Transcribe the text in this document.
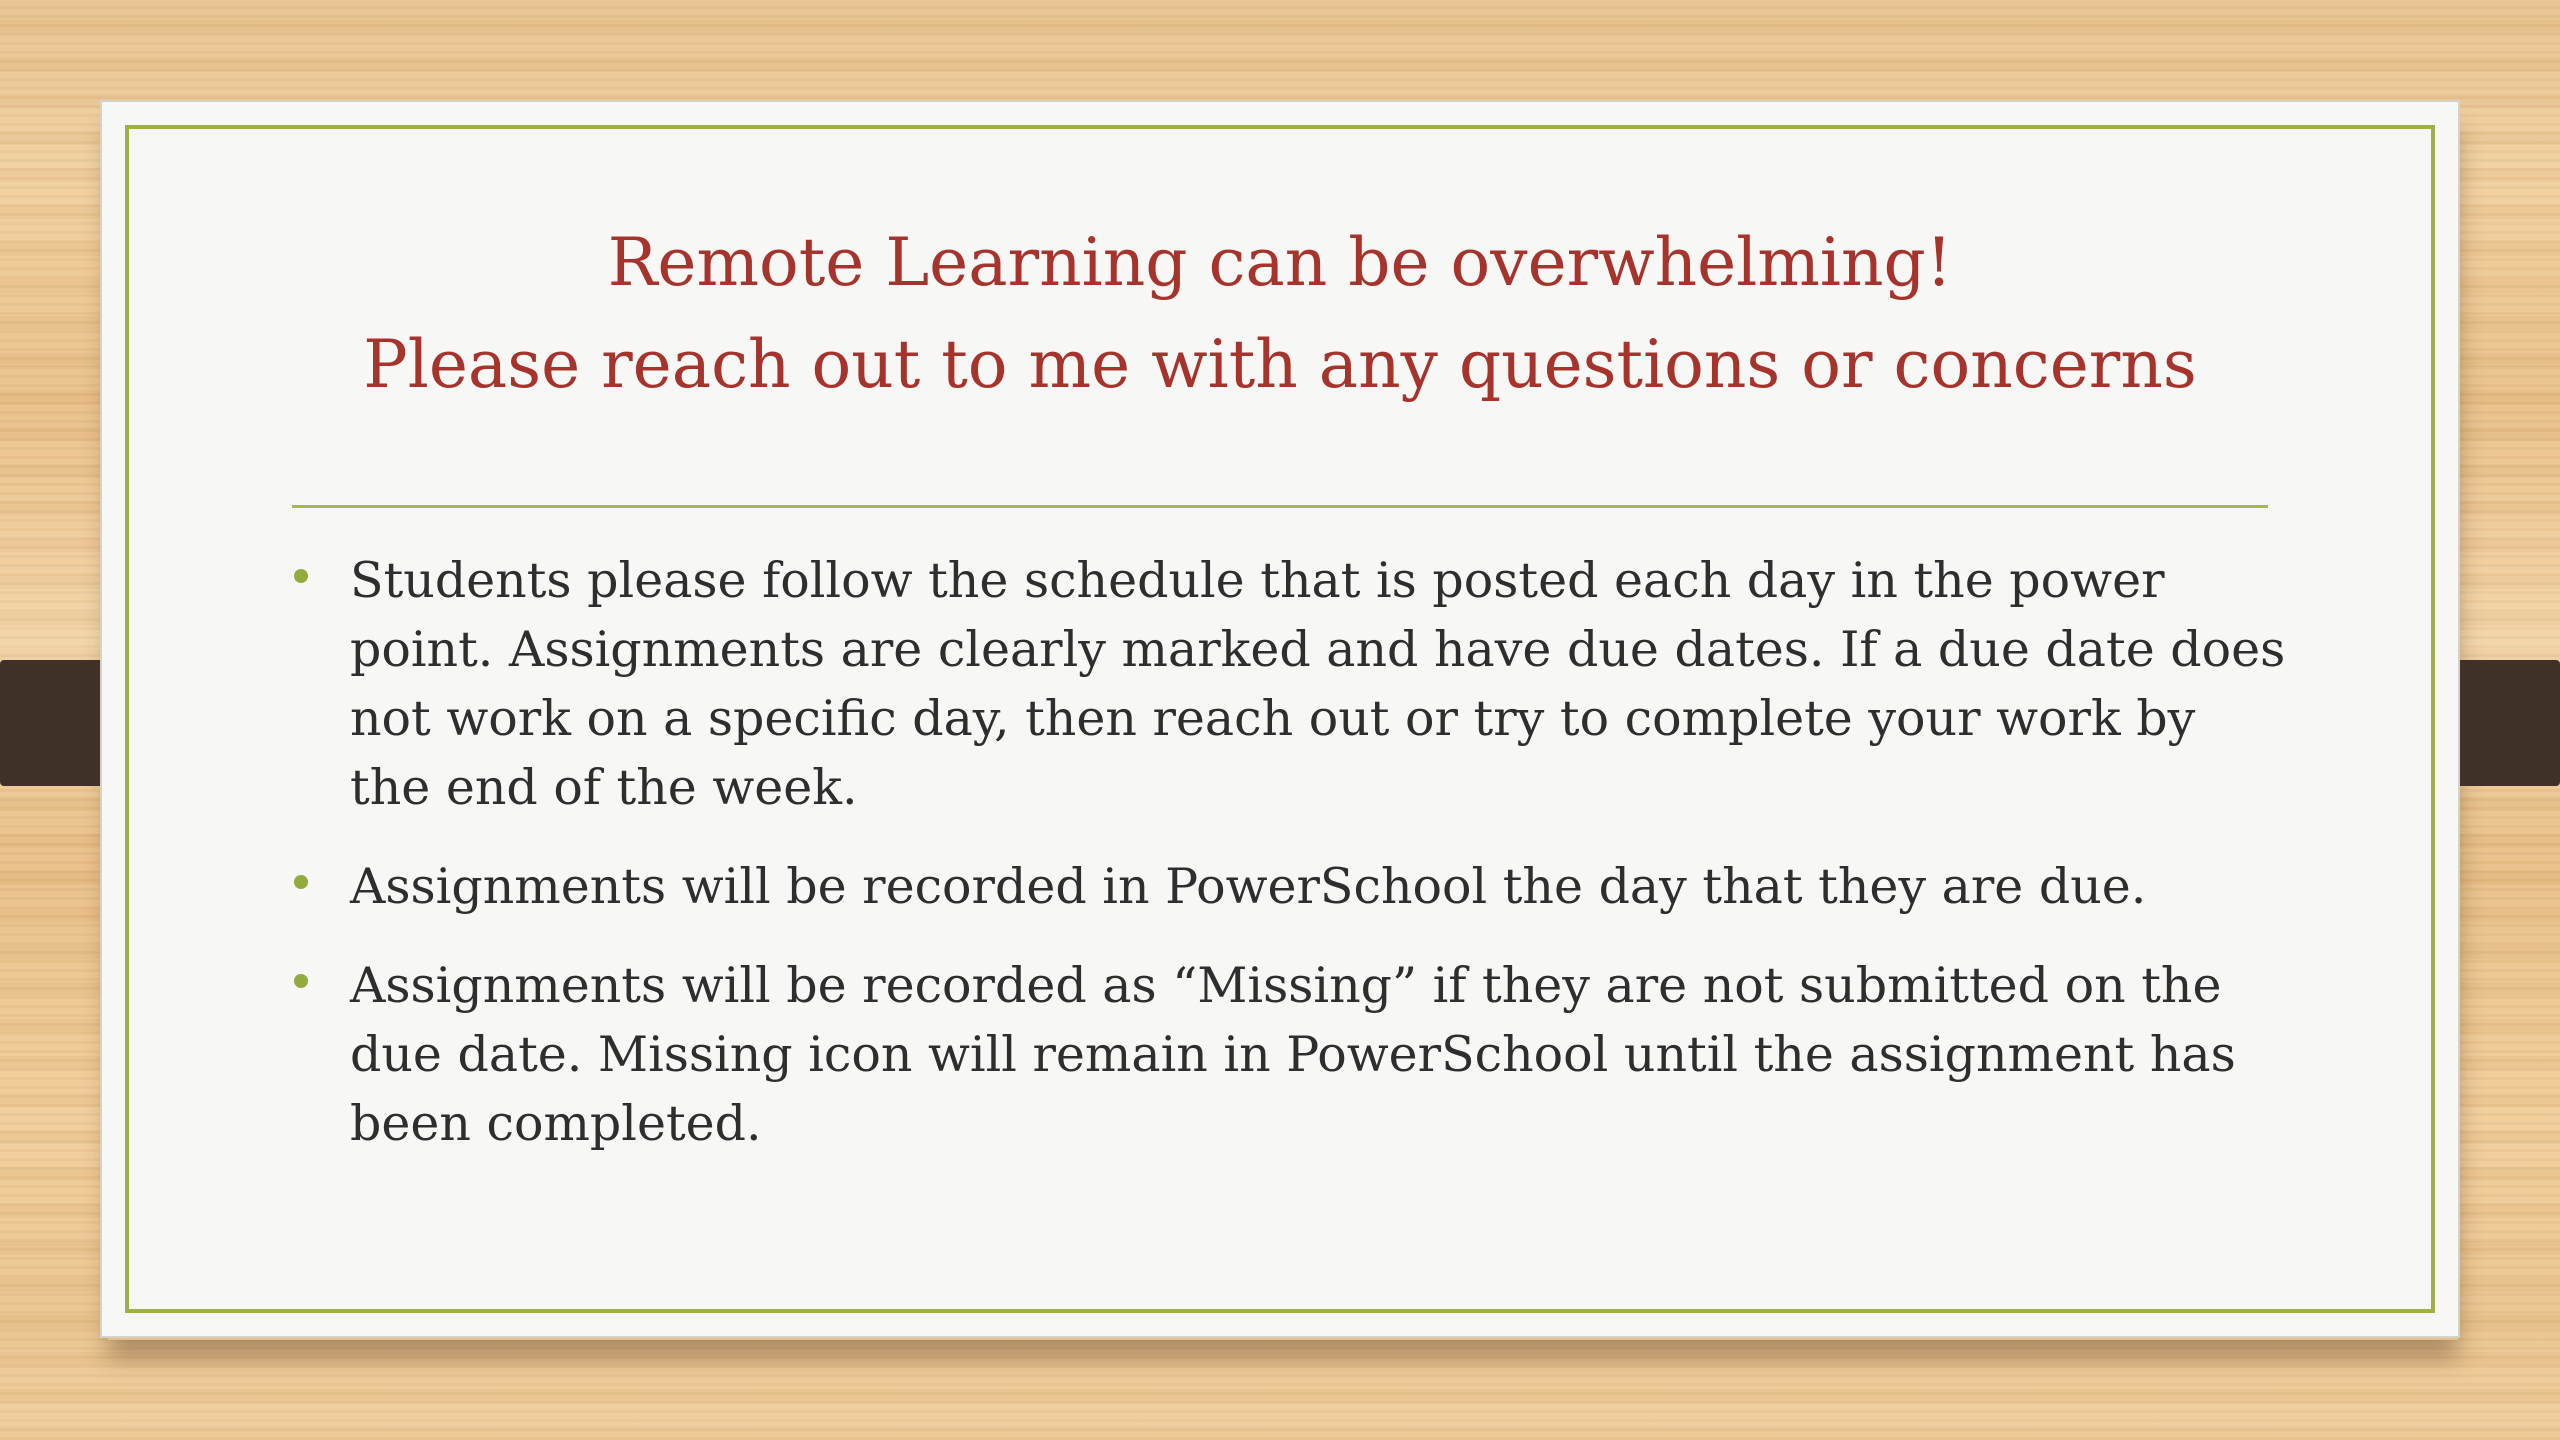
Remote Learning can be overwhelming!
Please reach out to me with any questions or concerns
Students please follow the schedule that is posted each day in the power point. Assignments are clearly marked and have due dates. If a due date does not work on a specific day, then reach out or try to complete your work by the end of the week.
Assignments will be recorded in PowerSchool the day that they are due.
Assignments will be recorded as “Missing” if they are not submitted on the due date. Missing icon will remain in PowerSchool until the assignment has been completed.
